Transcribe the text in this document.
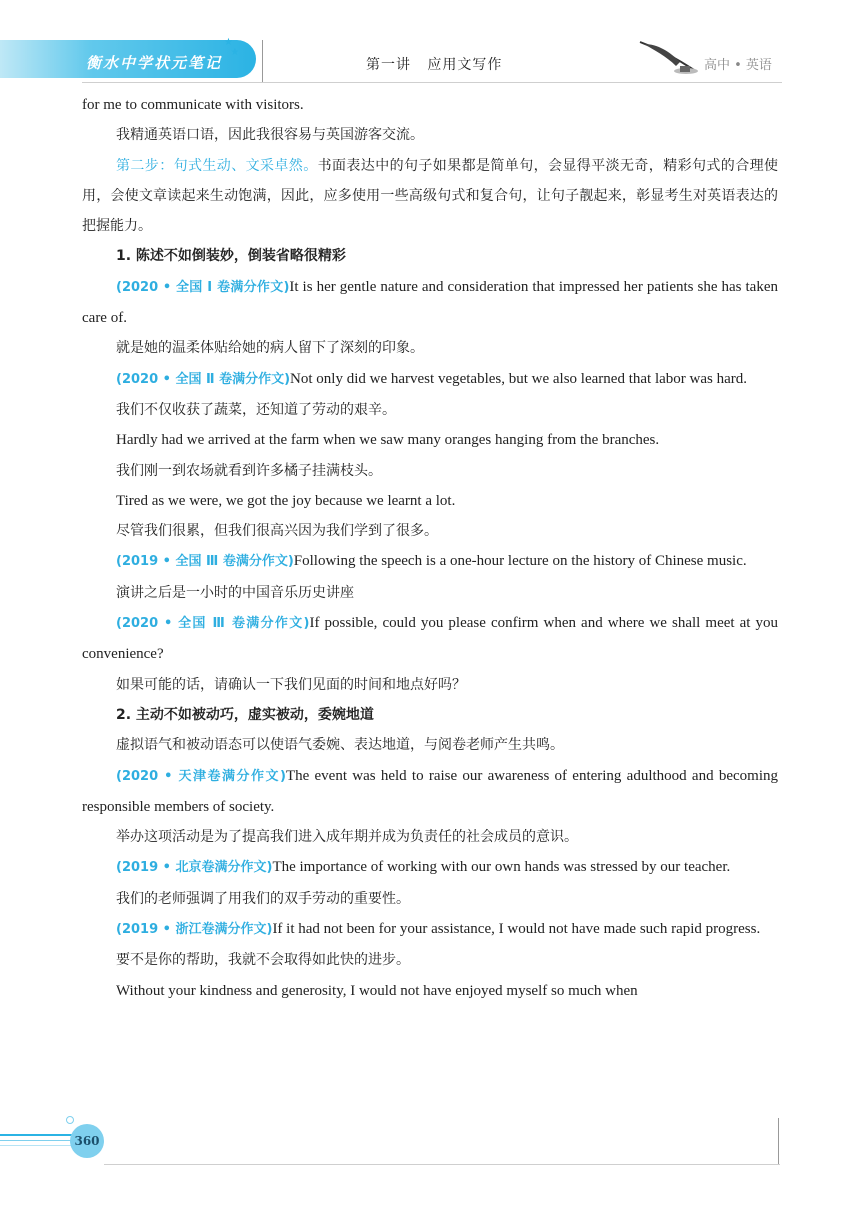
衡水中学状元笔记
★
★
第一讲   应用文写作	高中 • 英语

for me to communicate with visitors.

我精通英语口语，因此我很容易与英国游客交流。

第二步：句式生动、文采卓然。书面表达中的句子如果都是简单句，会显得平淡无奇，精彩句式的合理使用，会使文章读起来生动饱满，因此，应多使用一些高级句式和复合句，让句子靓起来，彰显考生对英语表达的把握能力。

1. 陈述不如倒装妙，倒装省略很精彩

(2020 • 全国 Ⅰ 卷满分作文)It is her gentle nature and consideration that impressed her patients she has taken care of.

就是她的温柔体贴给她的病人留下了深刻的印象。

(2020 • 全国 Ⅱ 卷满分作文)Not only did we harvest vegetables, but we also learned that labor was hard.

我们不仅收获了蔬菜，还知道了劳动的艰辛。

Hardly had we arrived at the farm when we saw many oranges hanging from the branches.

我们刚一到农场就看到许多橘子挂满枝头。

Tired as we were, we got the joy because we learnt a lot.

尽管我们很累，但我们很高兴因为我们学到了很多。

(2019 • 全国 Ⅲ 卷满分作文)Following the speech is a one-hour lecture on the history of Chinese music.

演讲之后是一小时的中国音乐历史讲座

(2020 • 全国 Ⅲ 卷满分作文)If possible, could you please confirm when and where we shall meet at you convenience?

如果可能的话，请确认一下我们见面的时间和地点好吗？

2. 主动不如被动巧，虚实被动，委婉地道

虚拟语气和被动语态可以使语气委婉、表达地道，与阅卷老师产生共鸣。

(2020 • 天津卷满分作文)The event was held to raise our awareness of entering adulthood and becoming responsible members of society.

举办这项活动是为了提高我们进入成年期并成为负责任的社会成员的意识。

(2019 • 北京卷满分作文)The importance of working with our own hands was stressed by our teacher.

我们的老师强调了用我们的双手劳动的重要性。

(2019 • 浙江卷满分作文)If it had not been for your assistance, I would not have made such rapid progress.

要不是你的帮助，我就不会取得如此快的进步。

Without your kindness and generosity, I would not have enjoyed myself so much when

360
